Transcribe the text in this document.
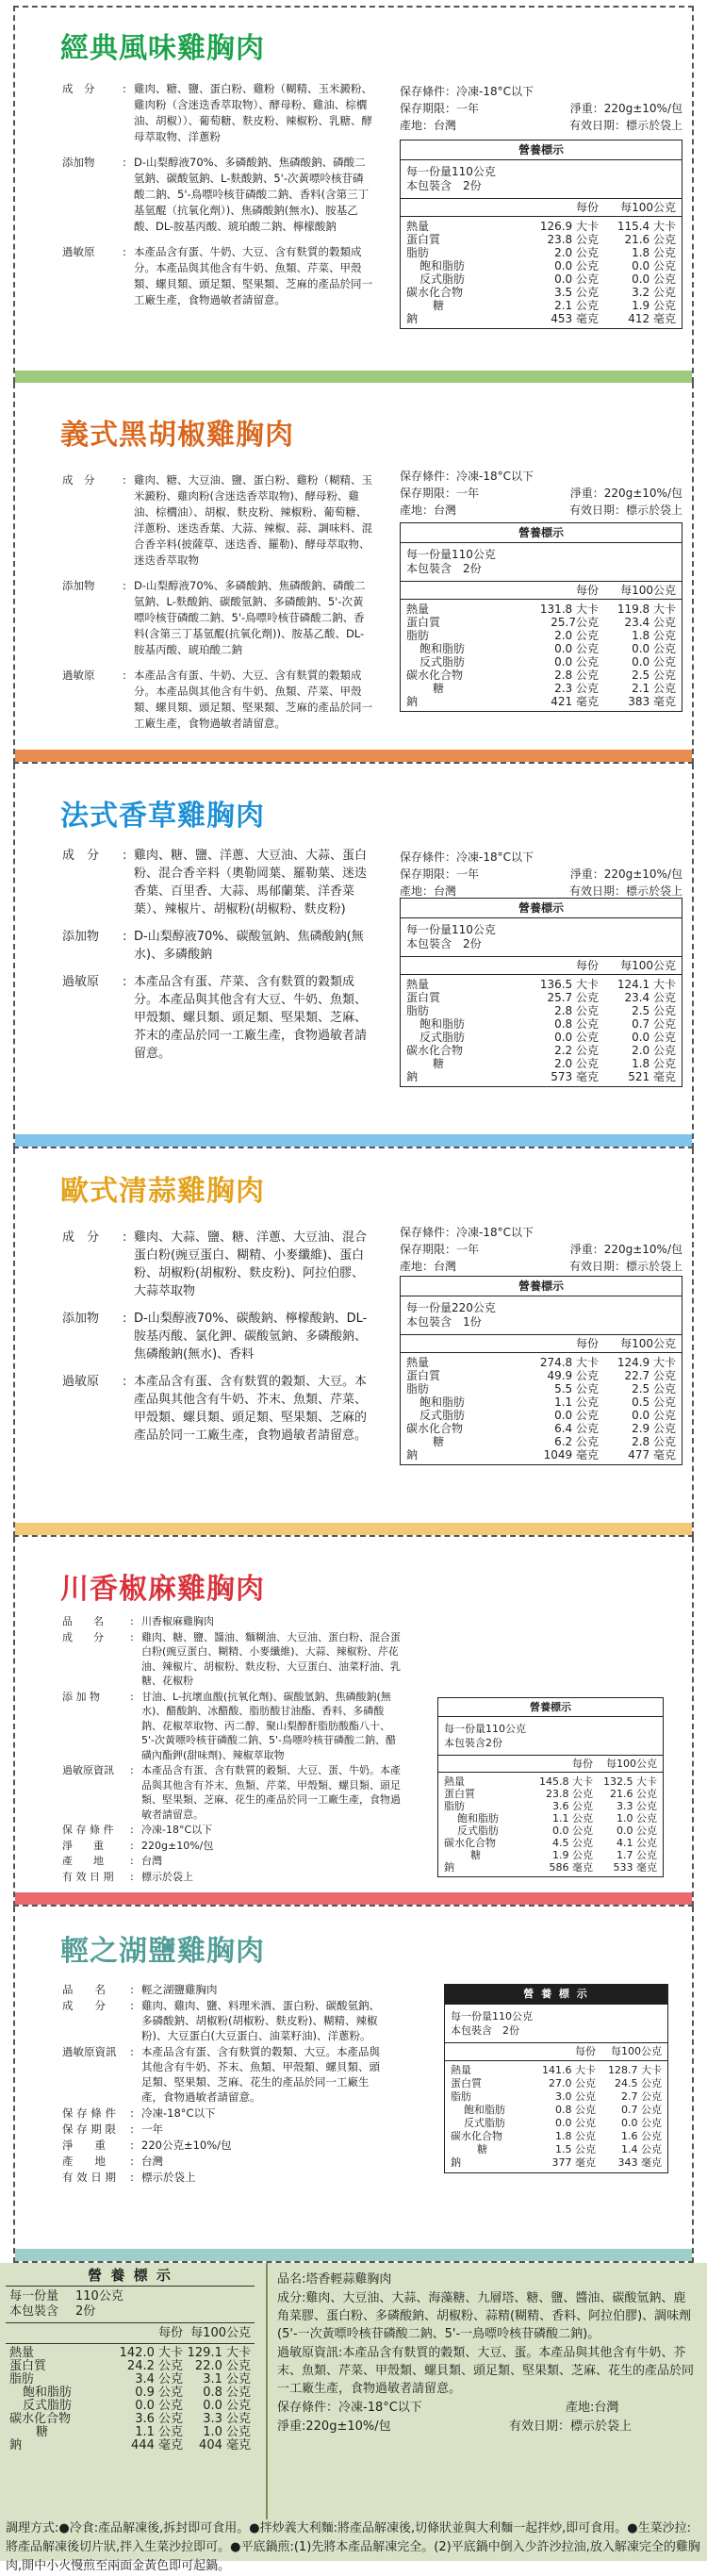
經典風味雞胸肉
成　分	: 雞肉、糖、鹽、蛋白粉、雞粉（糊精、玉米澱粉、雞肉粉（含迷迭香萃取物）、酵母粉、雞油、棕櫚油、胡椒））、葡萄糖、麩皮粉、辣椒粉、乳糖、酵母萃取物、洋蔥粉
添加物	: D-山梨醇液70%、多磷酸鈉、焦磷酸鈉、磷酸二氫鈉、碳酸氫鈉、L-麩酸鈉、5'-次黃嘌呤核苷磷酸二鈉、5'-鳥嘌呤核苷磷酸二鈉、香料(含第三丁基氫醌（抗氧化劑）)、焦磷酸鈉(無水)、胺基乙酸、DL-胺基丙酸、琥珀酸二鈉、檸檬酸鈉
過敏原	: 本產品含有蛋、牛奶、大豆、含有麩質的穀類成分。本產品與其他含有牛奶、魚類、芹菜、甲殼類、螺貝類、頭足類、堅果類、芝麻的產品於同一工廠生產，食物過敏者請留意。
保存條件：冷凍-18°C以下
保存期限：一年	淨重：220g±10%/包
產地：台灣	有效日期：標示於袋上
營養標示
每一份量110公克
本包裝含　2份
每份	每100公克
熱量	126.9 大卡	115.4 大卡
蛋白質	23.8 公克	21.6 公克
脂肪	2.0 公克	1.8 公克
飽和脂肪	0.0 公克	0.0 公克
反式脂肪	0.0 公克	0.0 公克
碳水化合物	3.5 公克	3.2 公克
糖	2.1 公克	1.9 公克
鈉	453 毫克	412 毫克
義式黑胡椒雞胸肉
成　分	: 雞肉、糖、大豆油、鹽、蛋白粉、雞粉（糊精、玉米澱粉、雞肉粉(含迷迭香萃取物)、酵母粉、雞油、棕櫚油）、胡椒、麩皮粉、辣椒粉、葡萄糖、洋蔥粉、迷迭香葉、大蒜、辣椒、蒜、調味料、混合香辛料(披薩草、迷迭香、羅勒)、酵母萃取物、迷迭香萃取物
添加物	: D-山梨醇液70%、多磷酸鈉、焦磷酸鈉、磷酸二氫鈉、L-麩酸鈉、碳酸氫鈉、多磷酸鈉、5'-次黃嘌呤核苷磷酸二鈉、5'-鳥嘌呤核苷磷酸二鈉、香料(含第三丁基氫醌(抗氧化劑))、胺基乙酸、DL-胺基丙酸、琥珀酸二鈉
過敏原	: 本產品含有蛋、牛奶、大豆、含有麩質的穀類成分。本產品與其他含有牛奶、魚類、芹菜、甲殼類、螺貝類、頭足類、堅果類、芝麻的產品於同一工廠生產，食物過敏者請留意。
保存條件：冷凍-18°C以下
保存期限：一年	淨重：220g±10%/包
產地：台灣	有效日期：標示於袋上
營養標示
每一份量110公克
本包裝含　2份
每份	每100公克
熱量	131.8 大卡	119.8 大卡
蛋白質	25.7公克	23.4 公克
脂肪	2.0 公克	1.8 公克
飽和脂肪	0.0 公克	0.0 公克
反式脂肪	0.0 公克	0.0 公克
碳水化合物	2.8 公克	2.5 公克
糖	2.3 公克	2.1 公克
鈉	421 毫克	383 毫克
法式香草雞胸肉
成　分	: 雞肉、糖、鹽、洋蔥、大豆油、大蒜、蛋白粉、混合香辛料（奧勒岡葉、羅勒葉、迷迭香葉、百里香、大蒜、馬郁蘭葉、洋香菜葉）、辣椒片、胡椒粉(胡椒粉、麩皮粉)
添加物	: D-山梨醇液70%、碳酸氫鈉、焦磷酸鈉(無水)、多磷酸鈉
過敏原	: 本產品含有蛋、芹菜、含有麩質的穀類成分。本產品與其他含有大豆、牛奶、魚類、甲殼類、螺貝類、頭足類、堅果類、芝麻、芥末的產品於同一工廠生產，食物過敏者請留意。
保存條件：冷凍-18°C以下
保存期限：一年	淨重：220g±10%/包
產地：台灣	有效日期：標示於袋上
營養標示
每一份量110公克
本包裝含　2份
每份	每100公克
熱量	136.5 大卡	124.1 大卡
蛋白質	25.7 公克	23.4 公克
脂肪	2.8 公克	2.5 公克
飽和脂肪	0.8 公克	0.7 公克
反式脂肪	0.0 公克	0.0 公克
碳水化合物	2.2 公克	2.0 公克
糖	2.0 公克	1.8 公克
鈉	573 毫克	521 毫克
歐式清蒜雞胸肉
成　分	: 雞肉、大蒜、鹽、糖、洋蔥、大豆油、混合蛋白粉(豌豆蛋白、糊精、小麥纖維)、蛋白粉、胡椒粉(胡椒粉、麩皮粉)、阿拉伯膠、大蒜萃取物
添加物	: D-山梨醇液70%、碳酸鈉、檸檬酸鈉、DL-胺基丙酸、氯化鉀、碳酸氫鈉、多磷酸鈉、焦磷酸鈉(無水)、香料
過敏原	: 本產品含有蛋、含有麩質的穀類、大豆。本產品與其他含有牛奶、芥末、魚類、芹菜、甲殼類、螺貝類、頭足類、堅果類、芝麻的產品於同一工廠生產，食物過敏者請留意。
保存條件：冷凍-18°C以下
保存期限：一年	淨重：220g±10%/包
產地：台灣	有效日期：標示於袋上
營養標示
每一份量220公克
本包裝含　1份
每份	每100公克
熱量	274.8 大卡	124.9 大卡
蛋白質	49.9 公克	22.7 公克
脂肪	5.5 公克	2.5 公克
飽和脂肪	1.1 公克	0.5 公克
反式脂肪	0.0 公克	0.0 公克
碳水化合物	6.4 公克	2.9 公克
糖	6.2 公克	2.8 公克
鈉	1049 毫克	477 毫克
川香椒麻雞胸肉
品　　名	: 川香椒麻雞胸肉
成　　分	: 雞肉、糖、鹽、醬油、麵糊油、大豆油、蛋白粉、混合蛋白粉(豌豆蛋白、糊精、小麥纖維)、大蒜、辣椒粉、芹花油、辣椒片、胡椒粉、麩皮粉、大豆蛋白、油菜籽油、乳糖、花椒粉
添 加 物	: 甘油、L-抗壞血酸(抗氧化劑)、碳酸氫鈉、焦磷酸鈉(無水)、醋酸鈉、冰醋酸、脂肪酸甘油酯、香料、多磷酸鈉、花椒萃取物、丙二醇、聚山梨醇酐脂肪酸酯八十、5'-次黃嘌呤核苷磷酸二鈉、5'-鳥嘌呤核苷磷酸二鈉、醋磺內酯鉀(甜味劑)、辣椒萃取物
過敏原資訊	: 本產品含有蛋、含有麩質的穀類、大豆、蛋、牛奶。本產品與其他含有芥末、魚類、芹菜、甲殼類、螺貝類、頭足類、堅果類、芝麻、花生的產品於同一工廠生產，食物過敏者請留意。
保 存 條 件	: 冷凍-18°C以下
淨　　重	: 220g±10%/包
產　　地	: 台灣
有 效 日 期	: 標示於袋上
營養標示
每一份量110公克
本包裝含2份
每份	每100公克
熱量	145.8 大卡	132.5 大卡
蛋白質	23.8 公克	21.6 公克
脂肪	3.6 公克	3.3 公克
飽和脂肪	1.1 公克	1.0 公克
反式脂肪	0.0 公克	0.0 公克
碳水化合物	4.5 公克	4.1 公克
糖	1.9 公克	1.7 公克
鈉	586 毫克	533 毫克
輕之湖鹽雞胸肉
品　　名	: 輕之湖鹽雞胸肉
成　　分	: 雞肉、雞肉、鹽、料理米酒、蛋白粉、碳酸氫鈉、多磷酸鈉、胡椒粉(胡椒粉、麩皮粉)、糊精、辣椒粉)、大豆蛋白(大豆蛋白、油菜籽油)、洋蔥粉。
過敏原資訊	: 本產品含有蛋、含有麩質的穀類、大豆。本產品與其他含有牛奶、芥末、魚類、甲殼類、螺貝類、頭足類、堅果類、芝麻、花生的產品於同一工廠生產，食物過敏者請留意。
保 存 條 件	: 冷凍-18°C以下
保 存 期 限	: 一年
淨　　重	: 220公克±10%/包
產　　地	: 台灣
有 效 日 期	: 標示於袋上
營 養 標 示
每一份量110公克
本包裝含　2份
每份	每100公克
熱量	141.6 大卡	128.7 大卡
蛋白質	27.0 公克	24.5 公克
脂肪	3.0 公克	2.7 公克
飽和脂肪	0.8 公克	0.7 公克
反式脂肪	0.0 公克	0.0 公克
碳水化合物	1.8 公克	1.6 公克
糖	1.5 公克	1.4 公克
鈉	377 毫克	343 毫克
營 養 標 示
每一份量	110公克
本包裝含	2份
每份 每100公克
熱量	142.0 大卡 129.1 大卡
蛋白質	24.2 公克 22.0 公克
脂肪	3.4 公克	3.1 公克
飽和脂肪	0.9 公克	0.8 公克
反式脂肪	0.0 公克	0.0 公克
碳水化合物	3.6 公克	3.3 公克
糖	1.1 公克	1.0 公克
鈉	444 毫克	404 毫克
品名:塔香輕蒜雞胸肉
成分:雞肉、大豆油、大蒜、海藻糖、九層塔、糖、鹽、醬油、碳酸氫鈉、鹿角菜膠、蛋白粉、多磷酸鈉、胡椒粉、蒜精(糊精、香料、阿拉伯膠)、調味劑(5'-一次黃嘌呤核苷磷酸二鈉、5'-一鳥嘌呤核苷磷酸二鈉)。
過敏原資訊:本產品含有麩質的穀類、大豆、蛋。本產品與其他含有牛奶、芥末、魚類、芹菜、甲殼類、螺貝類、頭足類、堅果類、芝麻、花生的產品於同一工廠生產，食物過敏者請留意。
保存條件：冷凍-18°C以下	產地:台灣
淨重:220g±10%/包	有效日期：標示於袋上
調理方式:●冷食:產品解凍後,拆封即可食用。●拌炒義大利麵:將產品解凍後,切條狀並與大利麵一起拌炒,即可食用。●生菜沙拉:將產品解凍後切片狀,拌入生菜沙拉即可。●平底鍋煎:(1)先將本產品解凍完全。(2)平底鍋中倒入少許沙拉油,放入解凍完全的雞胸肉,開中小火慢煎至兩面金黃色即可起鍋。
